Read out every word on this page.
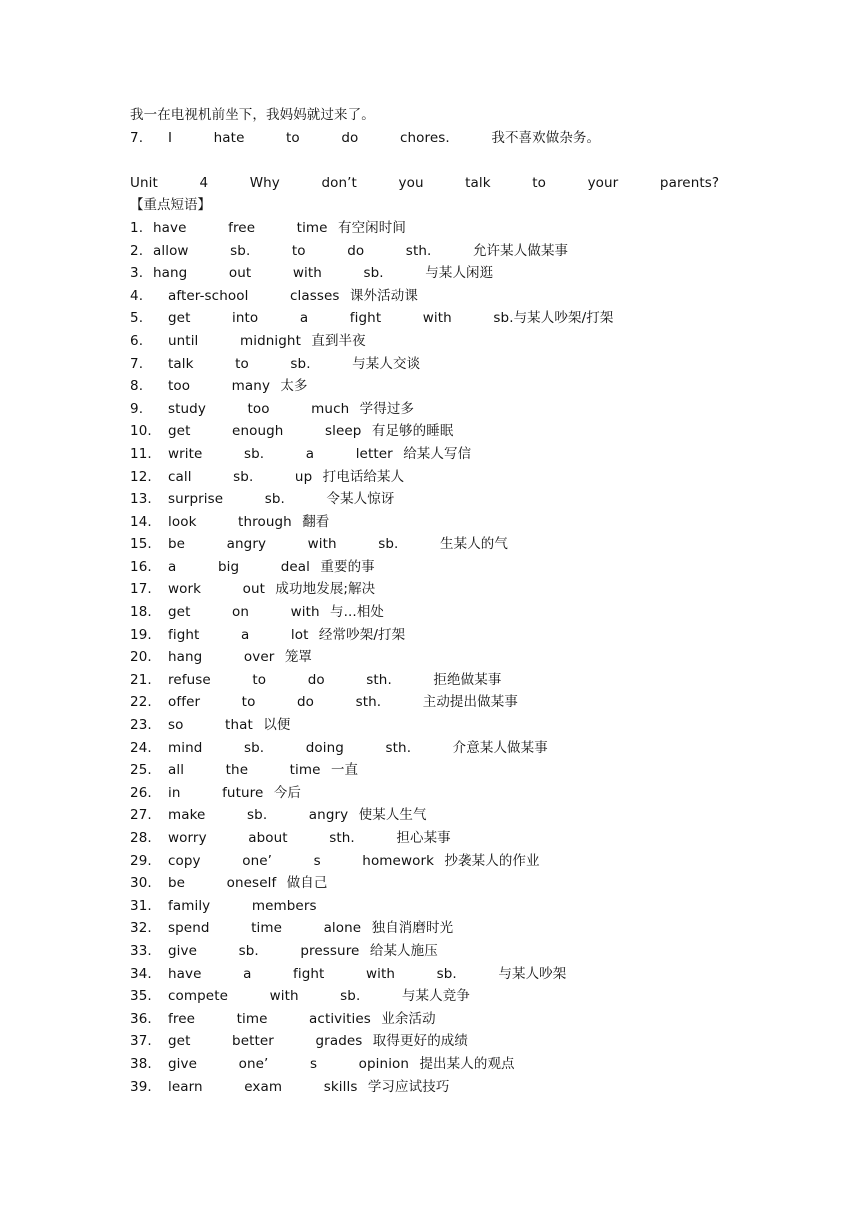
我一在电视机前坐下，我妈妈就过来了。
7. I    hate    to    do    chores.    我不喜欢做杂务。
Unit    4    Why    don’t    you    talk    to    your    parents?
【重点短语】
1. have    free    time 有空闲时间
2. allow    sb.    to    do    sth.    允许某人做某事
3. hang    out    with    sb.    与某人闲逛
4. after-school    classes 课外活动课
5. get    into    a    fight    with    sb.与某人吵架/打架
6. until    midnight 直到半夜
7. talk    to    sb.    与某人交谈
8. too    many 太多
9. study    too    much 学得过多
10. get    enough    sleep 有足够的睡眠
11. write    sb.    a    letter 给某人写信
12. call    sb.    up 打电话给某人
13. surprise    sb.    令某人惊讶
14. look    through 翻看
15. be    angry    with    sb.    生某人的气
16. a    big    deal 重要的事
17. work    out 成功地发展;解决
18. get    on    with 与...相处
19. fight    a    lot 经常吵架/打架
20. hang    over 笼罩
21. refuse    to    do    sth.    拒绝做某事
22. offer    to    do    sth.    主动提出做某事
23. so    that 以便
24. mind    sb.    doing    sth.    介意某人做某事
25. all    the    time 一直
26. in    future 今后
27. make    sb.    angry 使某人生气
28. worry    about    sth.    担心某事
29. copy    one’    s    homework 抄袭某人的作业
30. be    oneself 做自己
31. family    members
32. spend    time    alone 独自消磨时光
33. give    sb.    pressure 给某人施压
34. have    a    fight    with    sb.    与某人吵架
35. compete    with    sb.    与某人竞争
36. free    time    activities 业余活动
37. get    better    grades 取得更好的成绩
38. give    one’    s    opinion 提出某人的观点
39. learn    exam    skills 学习应试技巧
